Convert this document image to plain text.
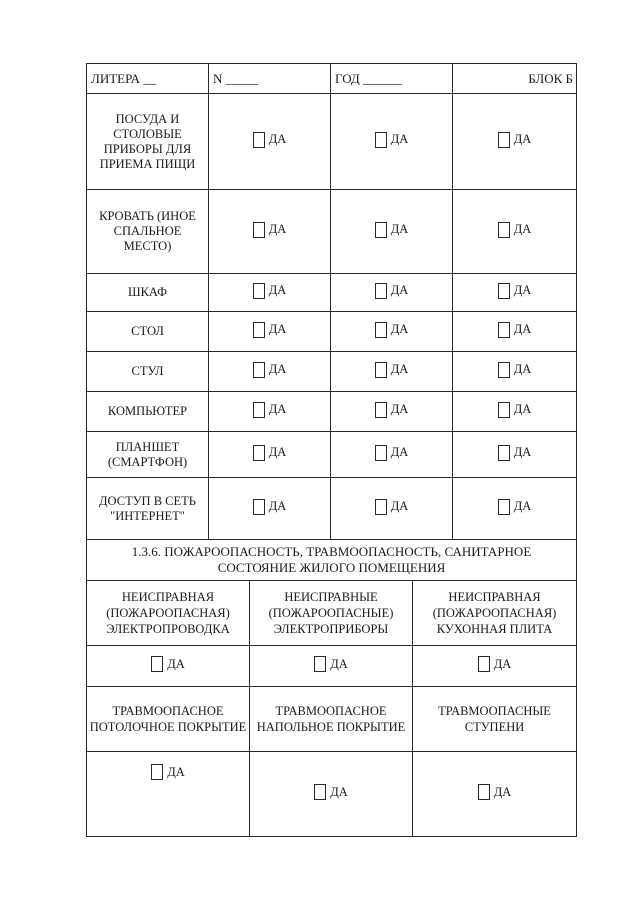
ЛИТЕРА __	N _____	ГОД ______	БЛОК Б
ПОСУДА И СТОЛОВЫЕ ПРИБОРЫ ДЛЯ ПРИЕМА ПИЩИ	ДА	ДА	ДА

КРОВАТЬ (ИНОЕ СПАЛЬНОЕ МЕСТО)	ДА	ДА	ДА

ШКАФ	ДА	ДА	ДА

СТОЛ	ДА	ДА	ДА

СТУЛ	ДА	ДА	ДА

КОМПЬЮТЕР	ДА	ДА	ДА

ПЛАНШЕТ (СМАРТФОН)	ДА	ДА	ДА

ДОСТУП В СЕТЬ "ИНТЕРНЕТ"	ДА	ДА	ДА
1.3.6. ПОЖАРООПАСНОСТЬ, ТРАВМООПАСНОСТЬ, САНИТАРНОЕ СОСТОЯНИЕ ЖИЛОГО ПОМЕЩЕНИЯ		
НЕИСПРАВНАЯ (ПОЖАРООПАСНАЯ) ЭЛЕКТРОПРОВОДКА	НЕИСПРАВНЫЕ (ПОЖАРООПАСНЫЕ) ЭЛЕКТРОПРИБОРЫ	НЕИСПРАВНАЯ (ПОЖАРООПАСНАЯ) КУХОННАЯ ПЛИТА

ДА	ДА	ДА

ТРАВМООПАСНОЕ ПОТОЛОЧНОЕ ПОКРЫТИЕ	ТРАВМООПАСНОЕ НАПОЛЬНОЕ ПОКРЫТИЕ	ТРАВМООПАСНЫЕ СТУПЕНИ

ДА	ДА	ДА
